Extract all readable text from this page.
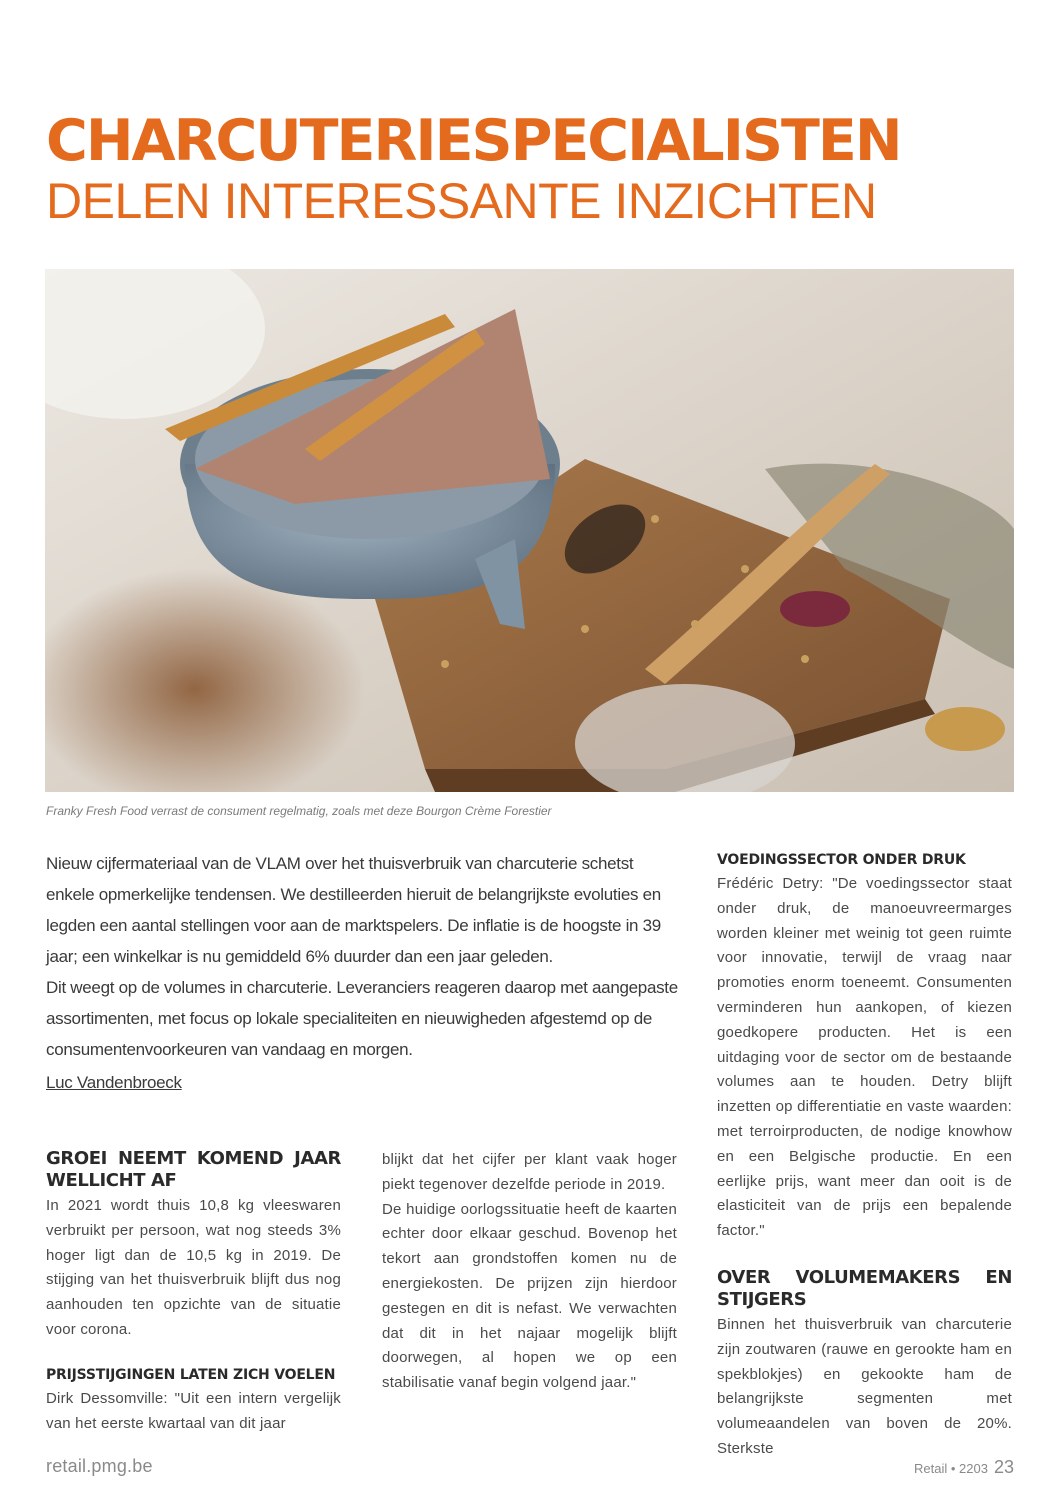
CHARCUTERIESPECIALISTEN
DELEN INTERESSANTE INZICHTEN
Franky Fresh Food verrast de consument regelmatig, zoals met deze Bourgon Crème Forestier

Nieuw cijfermateriaal van de VLAM over het thuisverbruik van charcuterie schetst enkele opmerkelijke tendensen. We destilleerden hieruit de belangrijkste evoluties en legden een aantal stellingen voor aan de marktspelers. De inflatie is de hoogste in 39 jaar; een winkelkar is nu gemiddeld 6% duurder dan een jaar geleden.

Dit weegt op de volumes in charcuterie. Leveranciers reageren daarop met aangepaste assortimenten, met focus op lokale specialiteiten en nieuwigheden afgestemd op de consumentenvoorkeuren van vandaag en morgen.

Luc Vandenbroeck
GROEI NEEMT KOMEND JAAR WELLICHT AF

In 2021 wordt thuis 10,8 kg vleeswaren verbruikt per persoon, wat nog steeds 3% hoger ligt dan de 10,5 kg in 2019. De stijging van het thuisverbruik blijft dus nog aanhouden ten opzichte van de situatie voor corona.

PRIJSSTIJGINGEN LATEN ZICH VOELEN

Dirk Dessomville: "Uit een intern vergelijk van het eerste kwartaal van dit jaar

blijkt dat het cijfer per klant vaak hoger piekt tegenover dezelfde periode in 2019.

De huidige oorlogssituatie heeft de kaarten echter door elkaar geschud. Bovenop het tekort aan grondstoffen komen nu de energiekosten. De prijzen zijn hierdoor gestegen en dit is nefast. We verwachten dat dit in het najaar mogelijk blijft doorwegen, al hopen we op een stabilisatie vanaf begin volgend jaar."

VOEDINGSSECTOR ONDER DRUK

Frédéric Detry: "De voedingssector staat onder druk, de manoeuvreermarges worden kleiner met weinig tot geen ruimte voor innovatie, terwijl de vraag naar promoties enorm toeneemt. Consumenten verminderen hun aankopen, of kiezen goedkopere producten. Het is een uitdaging voor de sector om de bestaande volumes aan te houden. Detry blijft inzetten op differentiatie en vaste waarden: met terroirproducten, de nodige knowhow en een Belgische productie. En een eerlijke prijs, want meer dan ooit is de elasticiteit van de prijs een bepalende factor."

OVER VOLUMEMAKERS EN STIJGERS

Binnen het thuisverbruik van charcuterie zijn zoutwaren (rauwe en gerookte ham en spekblokjes) en gekookte ham de belangrijkste segmenten met volumeaandelen van boven de 20%. Sterkste

retail.pmg.be	Retail • 2203 23
